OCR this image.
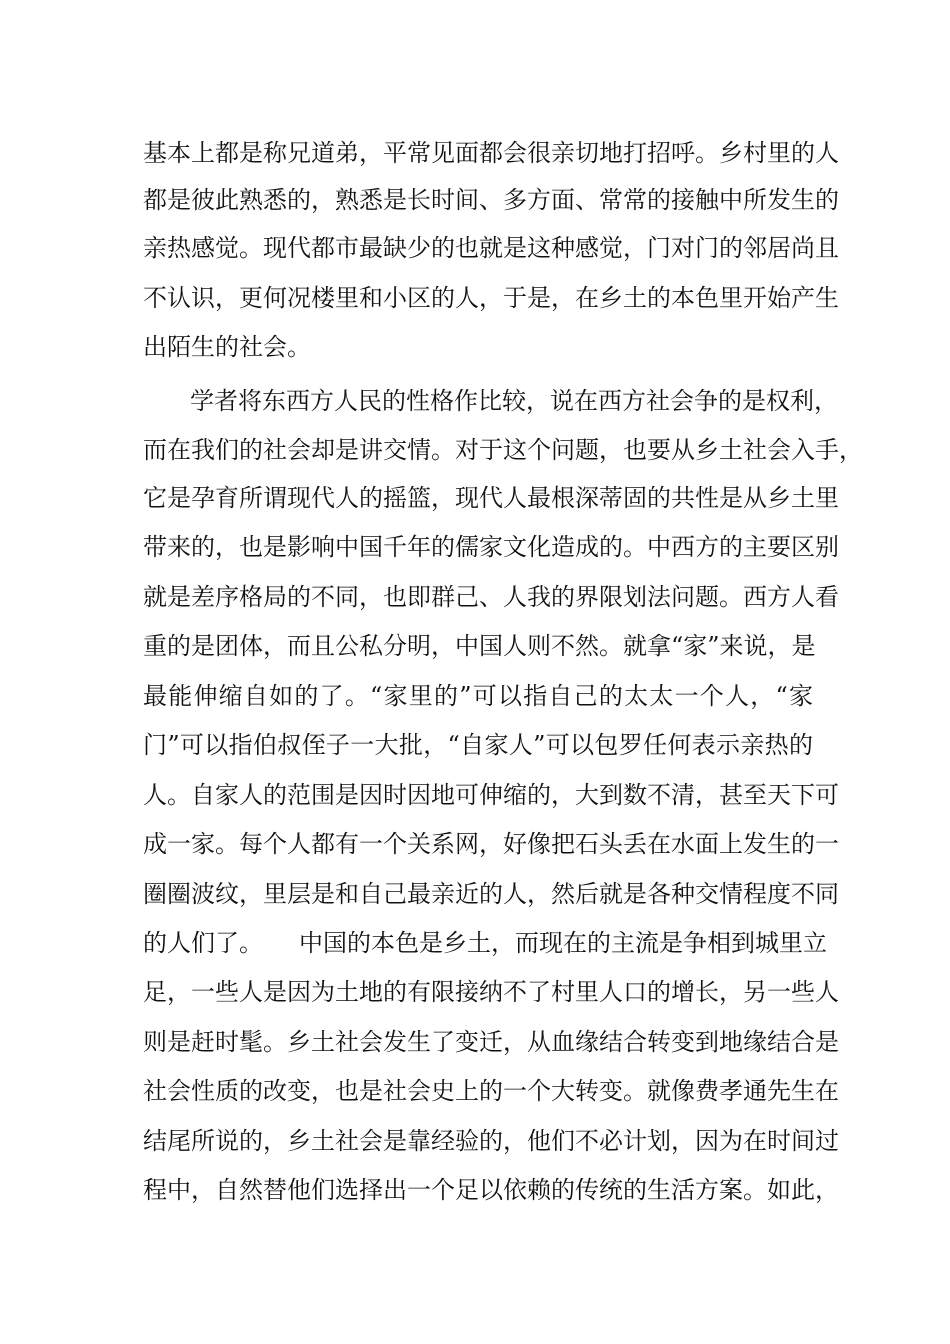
基本上都是称兄道弟，平常见面都会很亲切地打招呼。乡村里的人
都是彼此熟悉的，熟悉是长时间、多方面、常常的接触中所发生的
亲热感觉。现代都市最缺少的也就是这种感觉，门对门的邻居尚且
不认识，更何况楼里和小区的人，于是，在乡土的本色里开始产生
出陌生的社会。
学者将东西方人民的性格作比较，说在西方社会争的是权利，
而在我们的社会却是讲交情。对于这个问题，也要从乡土社会入手，
它是孕育所谓现代人的摇篮，现代人最根深蒂固的共性是从乡土里
带来的，也是影响中国千年的儒家文化造成的。中西方的主要区别
就是差序格局的不同，也即群己、人我的界限划法问题。西方人看
重的是团体，而且公私分明，中国人则不然。就拿“家”来说，是
最能伸缩自如的了。“家里的”可以指自己的太太一个人，“家
门”可以指伯叔侄子一大批，“自家人”可以包罗任何表示亲热的
人。自家人的范围是因时因地可伸缩的，大到数不清，甚至天下可
成一家。每个人都有一个关系网，好像把石头丢在水面上发生的一
圈圈波纹，里层是和自己最亲近的人，然后就是各种交情程度不同
的人们了。　　中国的本色是乡土，而现在的主流是争相到城里立
足，一些人是因为土地的有限接纳不了村里人口的增长，另一些人
则是赶时髦。乡土社会发生了变迁，从血缘结合转变到地缘结合是
社会性质的改变，也是社会史上的一个大转变。就像费孝通先生在
结尾所说的，乡土社会是靠经验的，他们不必计划，因为在时间过
程中，自然替他们选择出一个足以依赖的传统的生活方案。如此，
